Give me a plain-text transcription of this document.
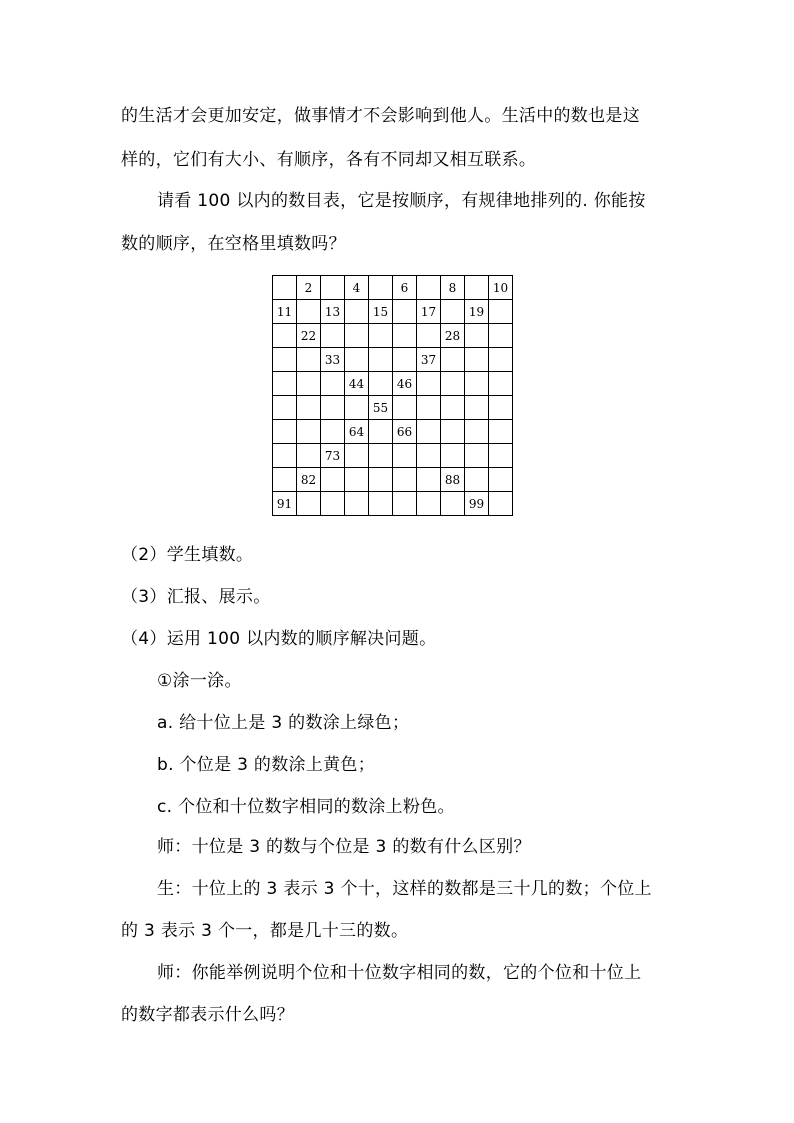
的生活才会更加安定，做事情才不会影响到他人。生活中的数也是这
样的，它们有大小、有顺序，各有不同却又相互联系。
请看 100 以内的数目表，它是按顺序，有规律地排列的. 你能按
数的顺序，在空格里填数吗？
	2		4		6		8		10
11		13		15		17		19	
	22						28		
		33				37			
			44		46				
				55					
			64		66				
		73							
	82						88		
91								99	
（2）学生填数。
（3）汇报、展示。
（4）运用 100 以内数的顺序解决问题。
①涂一涂。
a. 给十位上是 3 的数涂上绿色；
b. 个位是 3 的数涂上黄色；
c. 个位和十位数字相同的数涂上粉色。
师：十位是 3 的数与个位是 3 的数有什么区别？
生：十位上的 3 表示 3 个十，这样的数都是三十几的数；个位上
的 3 表示 3 个一，都是几十三的数。
师：你能举例说明个位和十位数字相同的数，它的个位和十位上
的数字都表示什么吗？
